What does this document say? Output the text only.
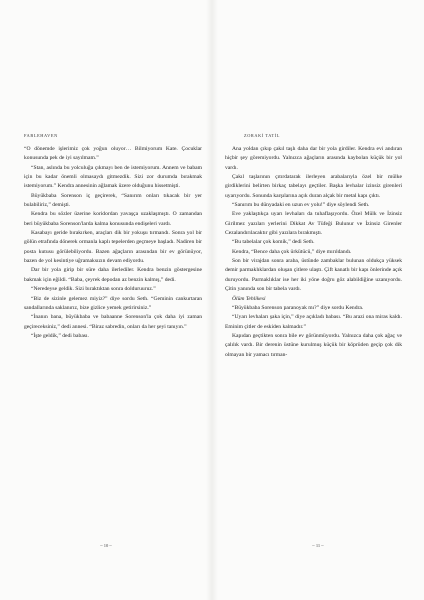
FABLEHAVEN

“O dönemde işlerimiz çok yoğun oluyor… Bilmiyorum Kate. Çocuklar konusunda pek de iyi sayılmam.”

“Stan, aslında bu yolculuğa çıkmayı ben de istemiyorum. Annem ve babam için bu kadar önemli olmasaydı gitmezdik. Sizi zor durumda bırakmak istemiyorum.” Kendra annesinin ağlamak üzere olduğunu hissetmişti.

Büyükbaba Sorenson iç geçirerek, “Sanırım onları tıkacak bir yer bulabiliriz,” demişti.

Kendra bu sözler üzerine koridordan yavaşça uzaklaşmıştı. O zamandan beri büyükbaba Sorenson'larda kalma konusunda endişeleri vardı.

Kasabayı geride bırakırken, araçları dik bir yokuşu tırmandı. Sonra yol bir gölün etrafında dönerek ormanla kaplı tepelerden geçmeye başladı. Nadiren bir posta kutusu görülebiliyordu. Bazen ağaçların arasından bir ev görünüyor, bazen de yol kesintiye uğramaksızın devam ediyordu.

Dar bir yola girip bir süre daha ilerlediler. Kendra benzin göstergesine bakmak için eğildi. “Baba, çeyrek depodan az benzin kalmış,” dedi.

“Neredeyse geldik. Sizi bıraktıktan sonra dolduruuruz.”

“Biz de sizinle gelemez miyiz?” diye sordu Seth. “Geminin cankurtaran sandallarında saklanırız, bize gizlice yemek getirirsiniz.”

“İnanın bana, büyükbaba ve babaanne Sorenson'la çok daha iyi zaman geçireceksiniz,” dedi annesi. “Biraz sabredin, onları da her şeyi tanıyın.”

“İşte geldik,” dedi babası.

~ 10 ~
ZORAKİ TATİL

Ana yoldan çıkıp çakıl taşlı daha dar bir yola girdiler. Kendra evi andıran hiçbir şey göremiyordu. Yalnızca ağaçların arasında kaybolan küçük bir yol vardı.

Çakıl taşlarının çıtırdatarak ilerleyen arabalarıyla özel bir mülke girdiklerini belirten birkaç tabelayı geçtiler. Başka levhalar izinsiz girenleri uyarıyordu. Sonunda karşılarına açık duran alçak bir metal kapı çıktı.

“Sanırım bu dünyadaki en uzun ev yolu!” diye söylendi Seth.

Eve yaklaştıkça uyarı levhaları da tuhaflaşıyordu. Özel Mülk ve İzinsiz Girilmez yazıları yerlerini Dikkat Av Tüfeği Bulunur ve İzinsiz Girenler Cezalandırılacaktır gibi yazılara bırakmıştı.

“Bu tabelalar çok komik,” dedi Seth.

Kendra, “Bence daha çok ürkütücü,” diye mırıldandı.

Son bir virajdan sonra araba, üstünde zambaklar bulunan oldukça yüksek demir parmaklıklardan oluşan çitlere ulaştı. Çift kanatlı bir kapı önlerinde açık duruyordu. Parmaklıklar ise her iki yöne doğru göz alabildiğine uzanıyordu. Çitin yanında son bir tabela vardı.

Ölüm Tehlikesi

“Büyükbaba Sorenson paranoyak mı?” diye sordu Kendra.

“Uyarı levhaları şaka için,” diye açıkladı babası. “Bu arazi ona miras kaldı. Eminim çitler de eskiden kalmadır.”

Kapıdan geçtikten sonra bile ev görünmüyordu. Yalnızca daha çok ağaç ve çalılık vardı. Bir derenin üstüne kurulmuş küçük bir köprüden geçip çok dik olmayan bir yamacı tırman-

~ 11 ~
